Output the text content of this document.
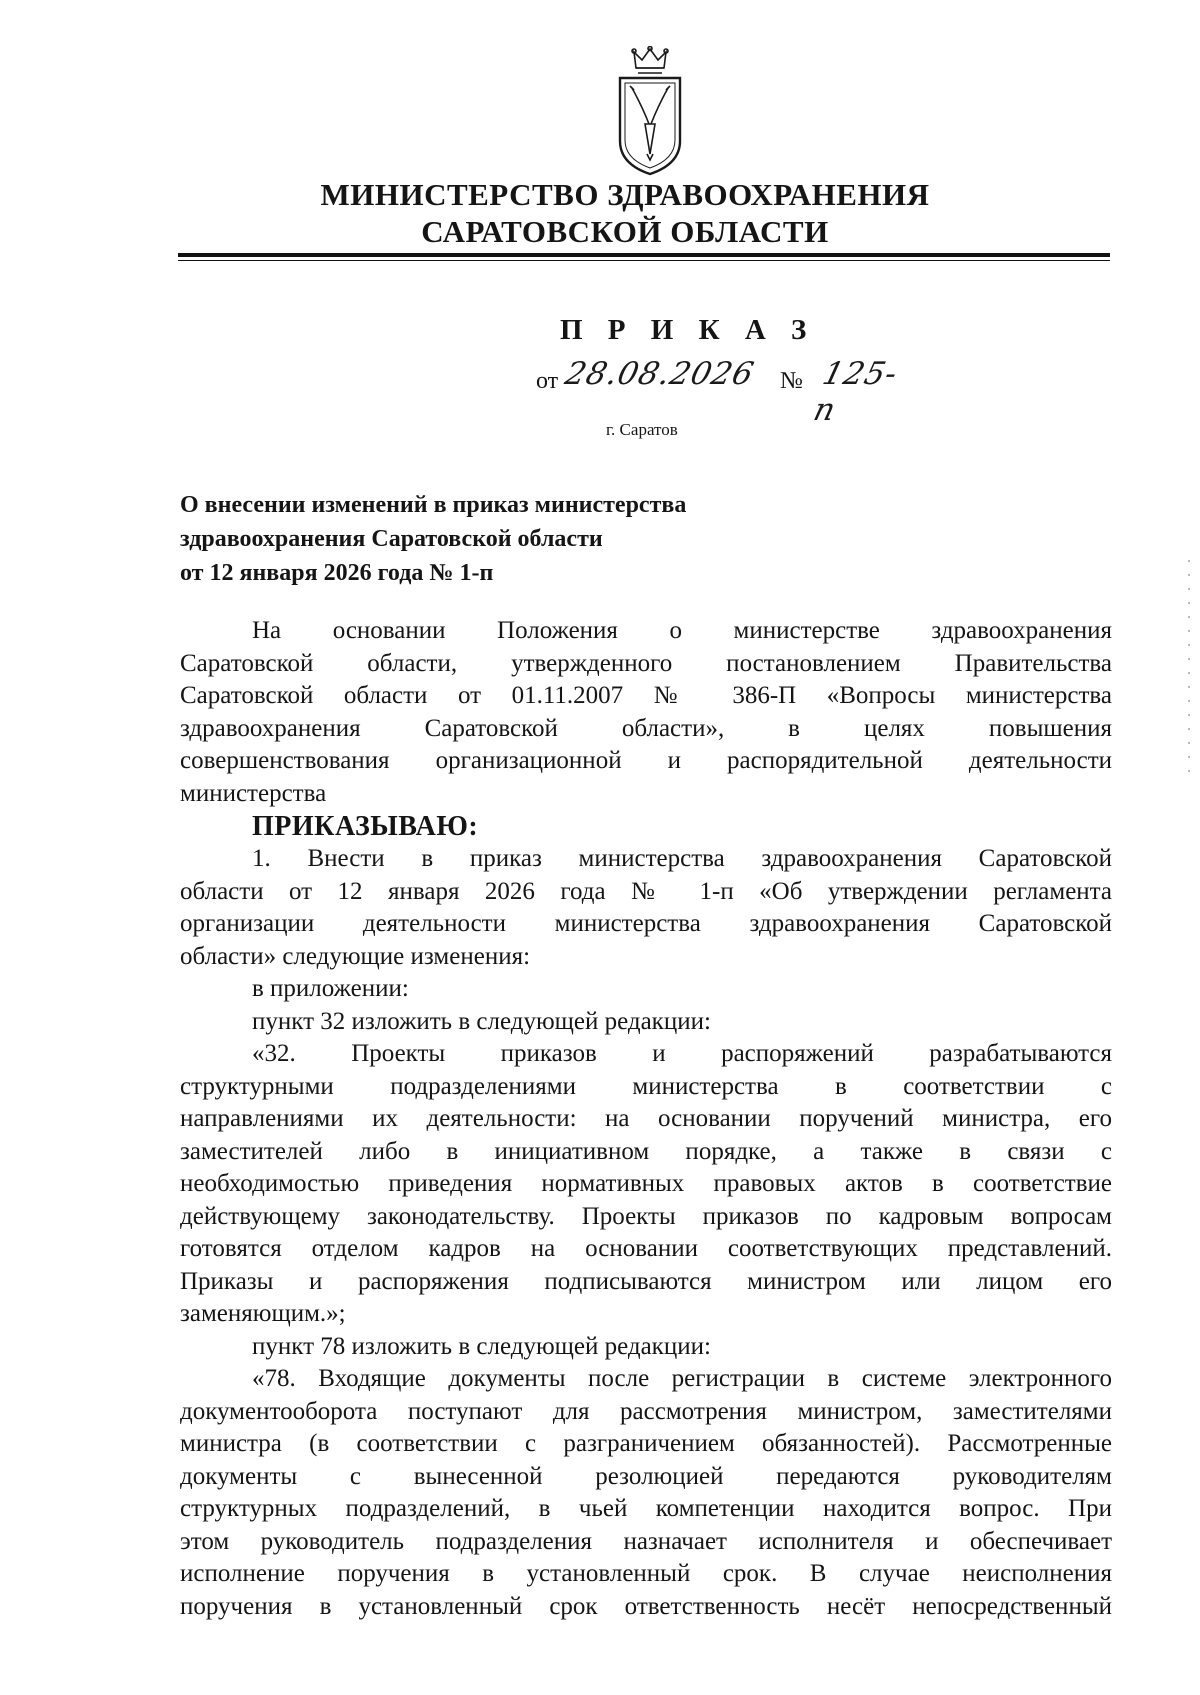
МИНИСТЕРСТВО ЗДРАВООХРАНЕНИЯ
САРАТОВСКОЙ ОБЛАСТИ
П Р И К А З
от 28.08.2026 № 125-п
г. Саратов
О внесении изменений в приказ министерства
здравоохранения Саратовской области
от 12 января 2026 года № 1-п

На основании Положения о министерстве здравоохранения

Саратовской области, утвержденного постановлением Правительства

Саратовской области от 01.11.2007 № 386-П «Вопросы министерства

здравоохранения Саратовской области», в целях повышения

совершенствования организационной и распорядительной деятельности

министерства

ПРИКАЗЫВАЮ:

1. Внести в приказ министерства здравоохранения Саратовской

области от 12 января 2026 года № 1-п «Об утверждении регламента

организации деятельности министерства здравоохранения Саратовской

области» следующие изменения:

в приложении:

пункт 32 изложить в следующей редакции:

«32. Проекты приказов и распоряжений разрабатываются

структурными подразделениями министерства в соответствии с

направлениями их деятельности: на основании поручений министра, его

заместителей либо в инициативном порядке, а также в связи с

необходимостью приведения нормативных правовых актов в соответствие

действующему законодательству. Проекты приказов по кадровым вопросам

готовятся отделом кадров на основании соответствующих представлений.

Приказы и распоряжения подписываются министром или лицом его

заменяющим.»;

пункт 78 изложить в следующей редакции:

«78. Входящие документы после регистрации в системе электронного

документооборота поступают для рассмотрения министром, заместителями

министра (в соответствии с разграничением обязанностей). Рассмотренные

документы с вынесенной резолюцией передаются руководителям

структурных подразделений, в чьей компетенции находится вопрос. При

этом руководитель подразделения назначает исполнителя и обеспечивает

исполнение поручения в установленный срок. В случае неисполнения

поручения в установленный срок ответственность несёт непосредственный
